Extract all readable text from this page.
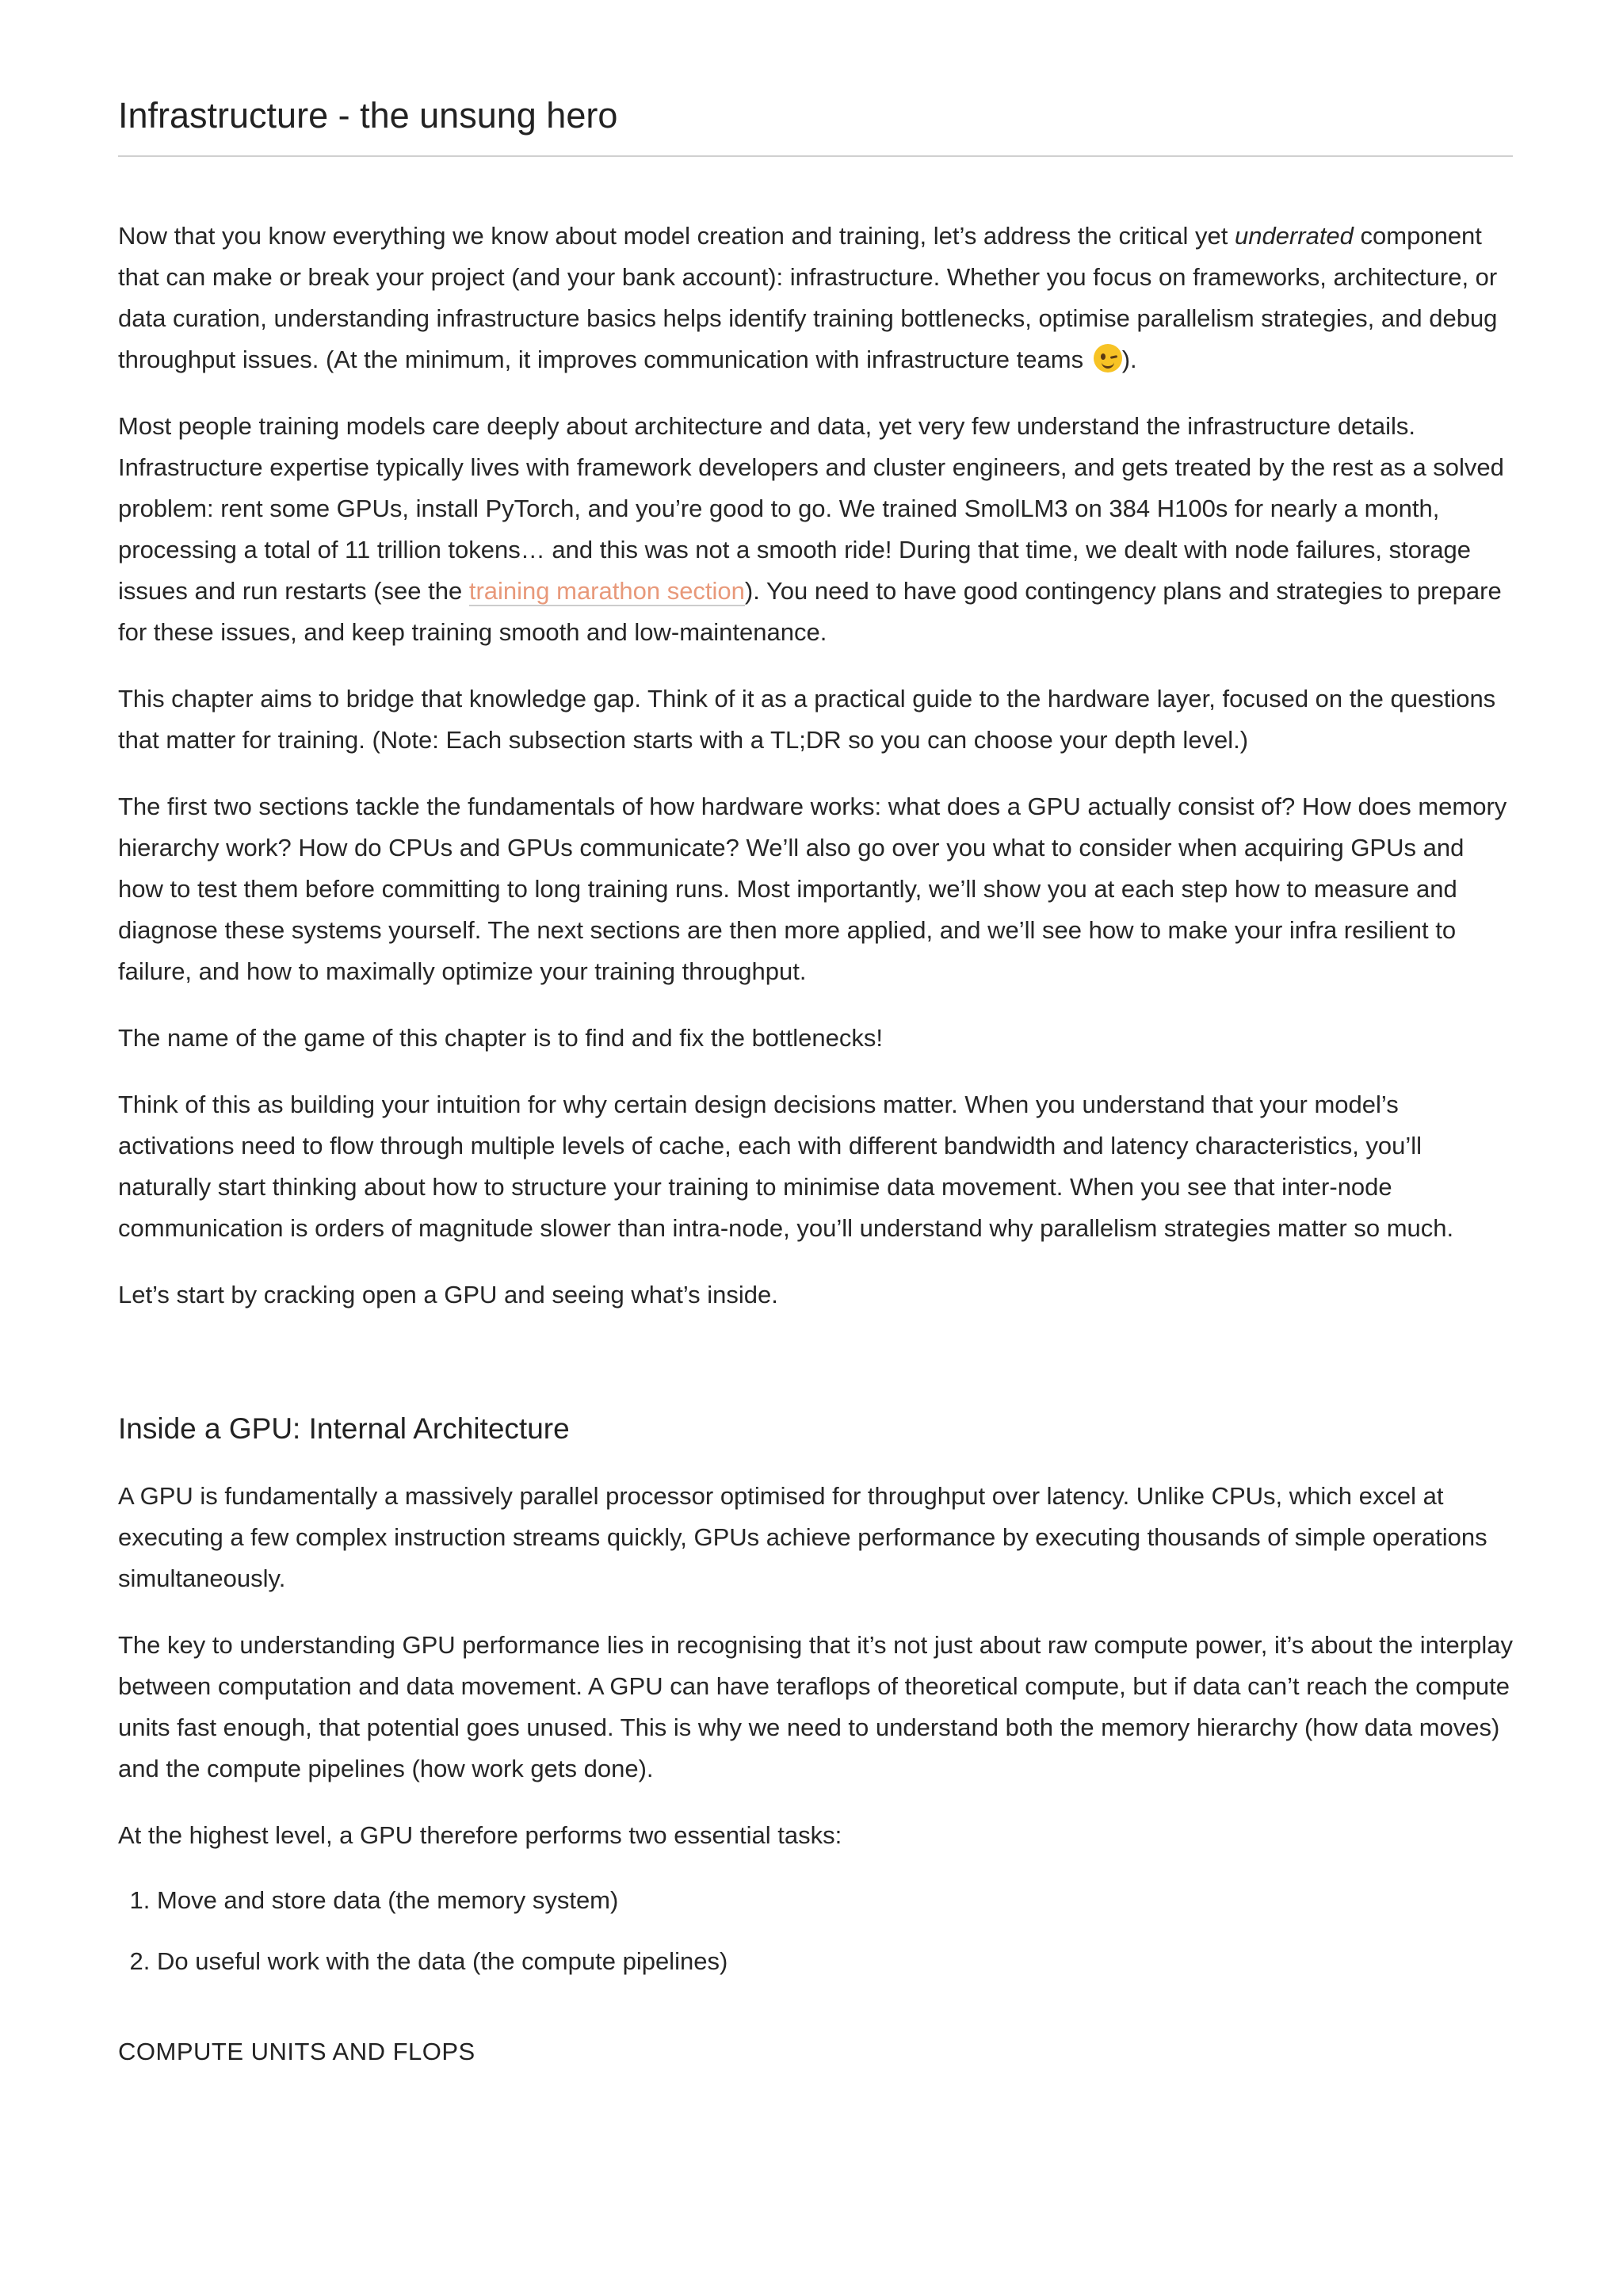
Infrastructure - the unsung hero

Now that you know everything we know about model creation and training, let’s address the critical yet underrated component that can make or break your project (and your bank account): infrastructure. Whether you focus on frameworks, architecture, or data curation, understanding infrastructure basics helps identify training bottlenecks, optimise parallelism strategies, and debug throughput issues. (At the minimum, it improves communication with infrastructure teams
).

Most people training models care deeply about architecture and data, yet very few understand the infrastructure details. Infrastructure expertise typically lives with framework developers and cluster engineers, and gets treated by the rest as a solved problem: rent some GPUs, install PyTorch, and you’re good to go. We trained SmolLM3 on 384 H100s for nearly a month, processing a total of 11 trillion tokens… and this was not a smooth ride! During that time, we dealt with node failures, storage issues and run restarts (see the training marathon section). You need to have good contingency plans and strategies to prepare for these issues, and keep training smooth and low-maintenance.

This chapter aims to bridge that knowledge gap. Think of it as a practical guide to the hardware layer, focused on the questions that matter for training. (Note: Each subsection starts with a TL;DR so you can choose your depth level.)

The first two sections tackle the fundamentals of how hardware works: what does a GPU actually consist of? How does memory hierarchy work? How do CPUs and GPUs communicate? We’ll also go over you what to consider when acquiring GPUs and how to test them before committing to long training runs. Most importantly, we’ll show you at each step how to measure and diagnose these systems yourself. The next sections are then more applied, and we’ll see how to make your infra resilient to failure, and how to maximally optimize your training throughput.

The name of the game of this chapter is to find and fix the bottlenecks!

Think of this as building your intuition for why certain design decisions matter. When you understand that your model’s activations need to flow through multiple levels of cache, each with different bandwidth and latency characteristics, you’ll naturally start thinking about how to structure your training to minimise data movement. When you see that inter-node communication is orders of magnitude slower than intra-node, you’ll understand why parallelism strategies matter so much.

Let’s start by cracking open a GPU and seeing what’s inside.

Inside a GPU: Internal Architecture

A GPU is fundamentally a massively parallel processor optimised for throughput over latency. Unlike CPUs, which excel at executing a few complex instruction streams quickly, GPUs achieve performance by executing thousands of simple operations simultaneously.

The key to understanding GPU performance lies in recognising that it’s not just about raw compute power, it’s about the interplay between computation and data movement. A GPU can have teraflops of theoretical compute, but if data can’t reach the compute units fast enough, that potential goes unused. This is why we need to understand both the memory hierarchy (how data moves) and the compute pipelines (how work gets done).

At the highest level, a GPU therefore performs two essential tasks:

1. Move and store data (the memory system)
2. Do useful work with the data (the compute pipelines)
COMPUTE UNITS AND FLOPS
